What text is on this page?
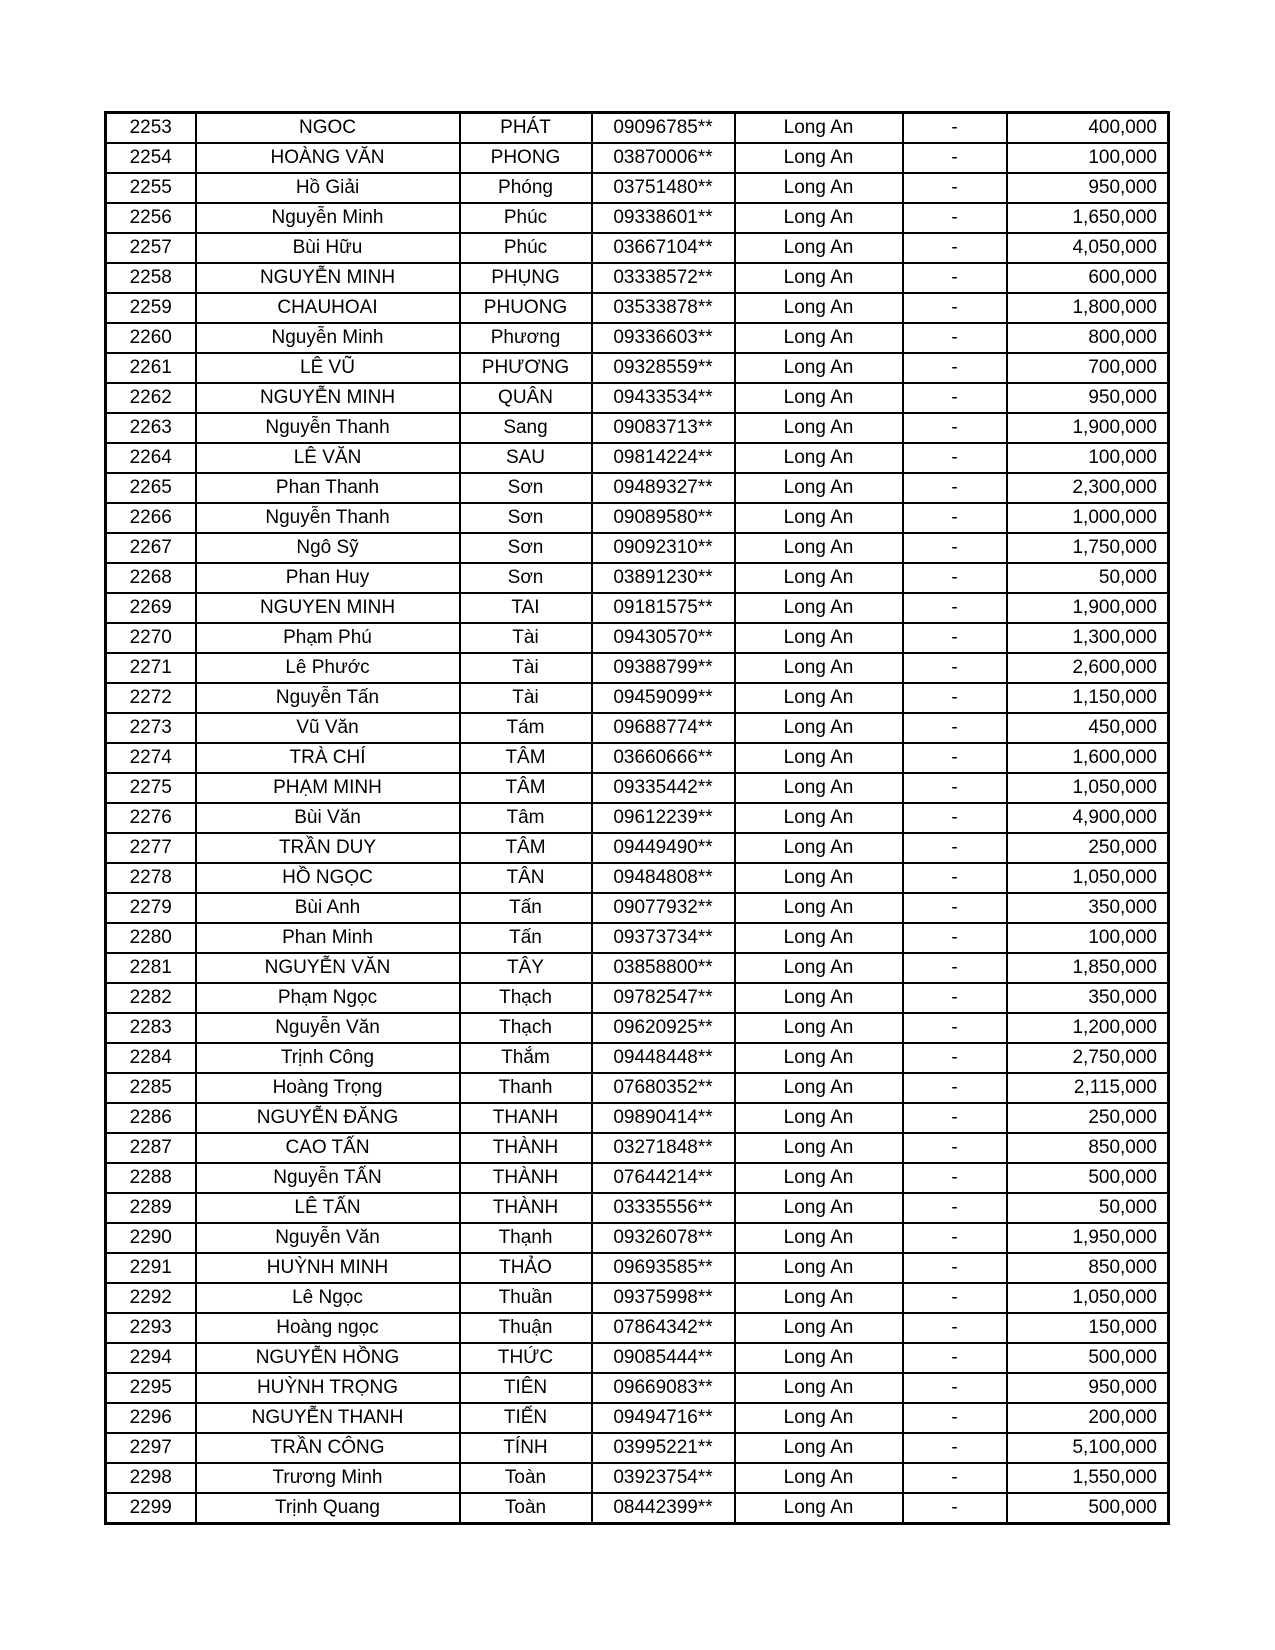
2253	NGOC	PHÁT	09096785**	Long An	-	400,000
2254	HOÀNG VĂN	PHONG	03870006**	Long An	-	100,000
2255	Hồ Giải	Phóng	03751480**	Long An	-	950,000
2256	Nguyễn Minh	Phúc	09338601**	Long An	-	1,650,000
2257	Bùi Hữu	Phúc	03667104**	Long An	-	4,050,000
2258	NGUYỄN MINH	PHỤNG	03338572**	Long An	-	600,000
2259	CHAUHOAI	PHUONG	03533878**	Long An	-	1,800,000
2260	Nguyễn Minh	Phương	09336603**	Long An	-	800,000
2261	LÊ VŨ	PHƯƠNG	09328559**	Long An	-	700,000
2262	NGUYỄN MINH	QUÂN	09433534**	Long An	-	950,000
2263	Nguyễn Thanh	Sang	09083713**	Long An	-	1,900,000
2264	LÊ VĂN	SAU	09814224**	Long An	-	100,000
2265	Phan Thanh	Sơn	09489327**	Long An	-	2,300,000
2266	Nguyễn Thanh	Sơn	09089580**	Long An	-	1,000,000
2267	Ngô Sỹ	Sơn	09092310**	Long An	-	1,750,000
2268	Phan Huy	Sơn	03891230**	Long An	-	50,000
2269	NGUYEN MINH	TAI	09181575**	Long An	-	1,900,000
2270	Phạm Phú	Tài	09430570**	Long An	-	1,300,000
2271	Lê Phước	Tài	09388799**	Long An	-	2,600,000
2272	Nguyễn Tấn	Tài	09459099**	Long An	-	1,150,000
2273	Vũ Văn	Tám	09688774**	Long An	-	450,000
2274	TRÀ CHÍ	TÂM	03660666**	Long An	-	1,600,000
2275	PHẠM MINH	TÂM	09335442**	Long An	-	1,050,000
2276	Bùi Văn	Tâm	09612239**	Long An	-	4,900,000
2277	TRẦN DUY	TÂM	09449490**	Long An	-	250,000
2278	HỒ NGỌC	TÂN	09484808**	Long An	-	1,050,000
2279	Bùi Anh	Tấn	09077932**	Long An	-	350,000
2280	Phan Minh	Tấn	09373734**	Long An	-	100,000
2281	NGUYỄN VĂN	TÂY	03858800**	Long An	-	1,850,000
2282	Phạm Ngọc	Thạch	09782547**	Long An	-	350,000
2283	Nguyễn Văn	Thạch	09620925**	Long An	-	1,200,000
2284	Trịnh Công	Thắm	09448448**	Long An	-	2,750,000
2285	Hoàng Trọng	Thanh	07680352**	Long An	-	2,115,000
2286	NGUYỄN ĐĂNG	THANH	09890414**	Long An	-	250,000
2287	CAO TẤN	THÀNH	03271848**	Long An	-	850,000
2288	Nguyễn TẤN	THÀNH	07644214**	Long An	-	500,000
2289	LÊ TẤN	THÀNH	03335556**	Long An	-	50,000
2290	Nguyễn Văn	Thạnh	09326078**	Long An	-	1,950,000
2291	HUỲNH MINH	THẢO	09693585**	Long An	-	850,000
2292	Lê Ngọc	Thuần	09375998**	Long An	-	1,050,000
2293	Hoàng ngọc	Thuận	07864342**	Long An	-	150,000
2294	NGUYỄN HỒNG	THỨC	09085444**	Long An	-	500,000
2295	HUỲNH TRỌNG	TIÊN	09669083**	Long An	-	950,000
2296	NGUYỄN THANH	TIẾN	09494716**	Long An	-	200,000
2297	TRẦN CÔNG	TÍNH	03995221**	Long An	-	5,100,000
2298	Trương Minh	Toàn	03923754**	Long An	-	1,550,000
2299	Trịnh Quang	Toàn	08442399**	Long An	-	500,000
